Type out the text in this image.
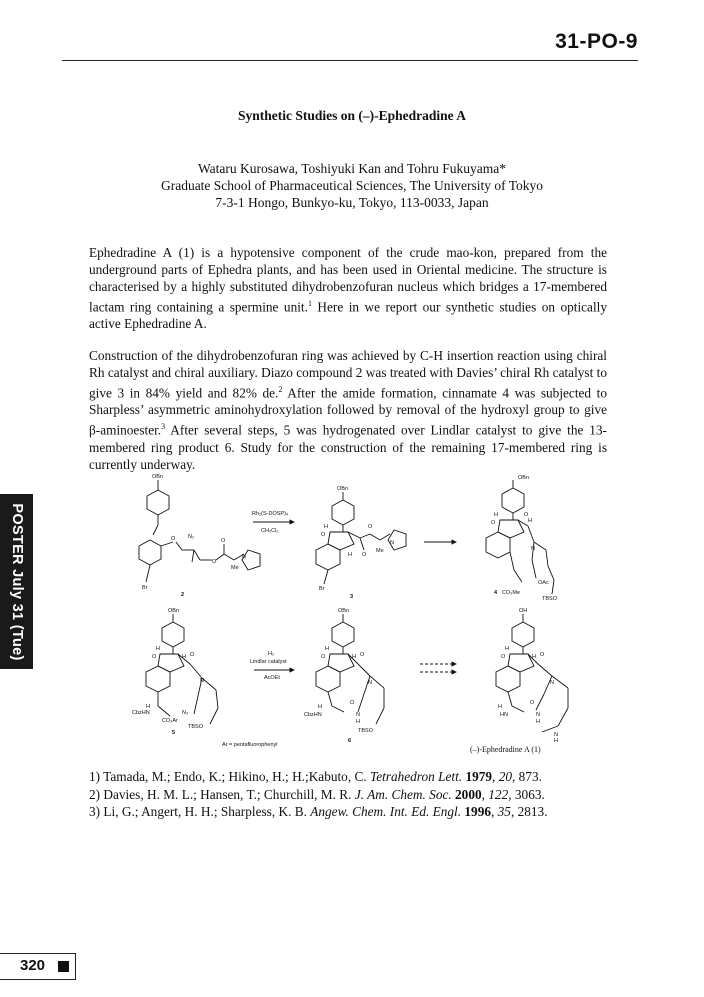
31-PO-9
Synthetic Studies on (–)-Ephedradine A
Wataru Kurosawa, Toshiyuki Kan and Tohru Fukuyama*
Graduate School of Pharmaceutical Sciences, The University of Tokyo
7-3-1 Hongo, Bunkyo-ku, Tokyo, 113-0033, Japan
Ephedradine A (1) is a hypotensive component of the crude mao-kon, prepared from the underground parts of Ephedra plants, and has been used in Oriental medicine. The structure is characterised by a highly substituted dihydrobenzofuran nucleus which bridges a 17-membered lactam ring containing a spermine unit.$^1$ Here in we report our synthetic studies on optically active Ephedradine A.
Construction of the dihydrobenzofuran ring was achieved by C-H insertion reaction using chiral Rh catalyst and chiral auxiliary. Diazo compound 2 was treated with Davies’ chiral Rh catalyst to give 3 in 84% yield and 82% de.$^2$ After the amide formation, cinnamate 4 was subjected to Sharpless’ asymmetric aminohydroxylation followed by removal of the hydroxyl group to give β-aminoester.$^3$ After several steps, 5 was hydrogenated over Lindlar catalyst to give the 13-membered ring product 6. Study for the construction of the remaining 17-membered ring is currently underway.
OBn
O N₂
O
O
Me
N
Br
2
Rh₂(S-DOSP)₄
CH₂Cl₂
OBn
O
H
H O
O
Me
N
Br
3
OBn
O
H
H
O
N
OAc
4 CO₂Me
TBSO
OBn
O
H
H O
N
H
CbzHN	N₃
CO₂Ar
TBSO
5
Ar = pentafluorophenyl
H₂
Lindlar catalyst
AcOEt
OBn
O
H
H O
N
O
H
CbzHN	N
H
TBSO
6
OH
O
H
H O
N
O
H
HN	N
H
N
H
(–)-Ephedradine A (1)
1) Tamada, M.; Endo, K.; Hikino, H.; H.;Kabuto, C. Tetrahedron Lett. 1979, 20, 873.
2) Davies, H. M. L.; Hansen, T.; Churchill, M. R. J. Am. Chem. Soc. 2000, 122, 3063.
3) Li, G.; Angert, H. H.; Sharpless, K. B. Angew. Chem. Int. Ed. Engl. 1996, 35, 2813.
POSTER July 31 (Tue)
320
